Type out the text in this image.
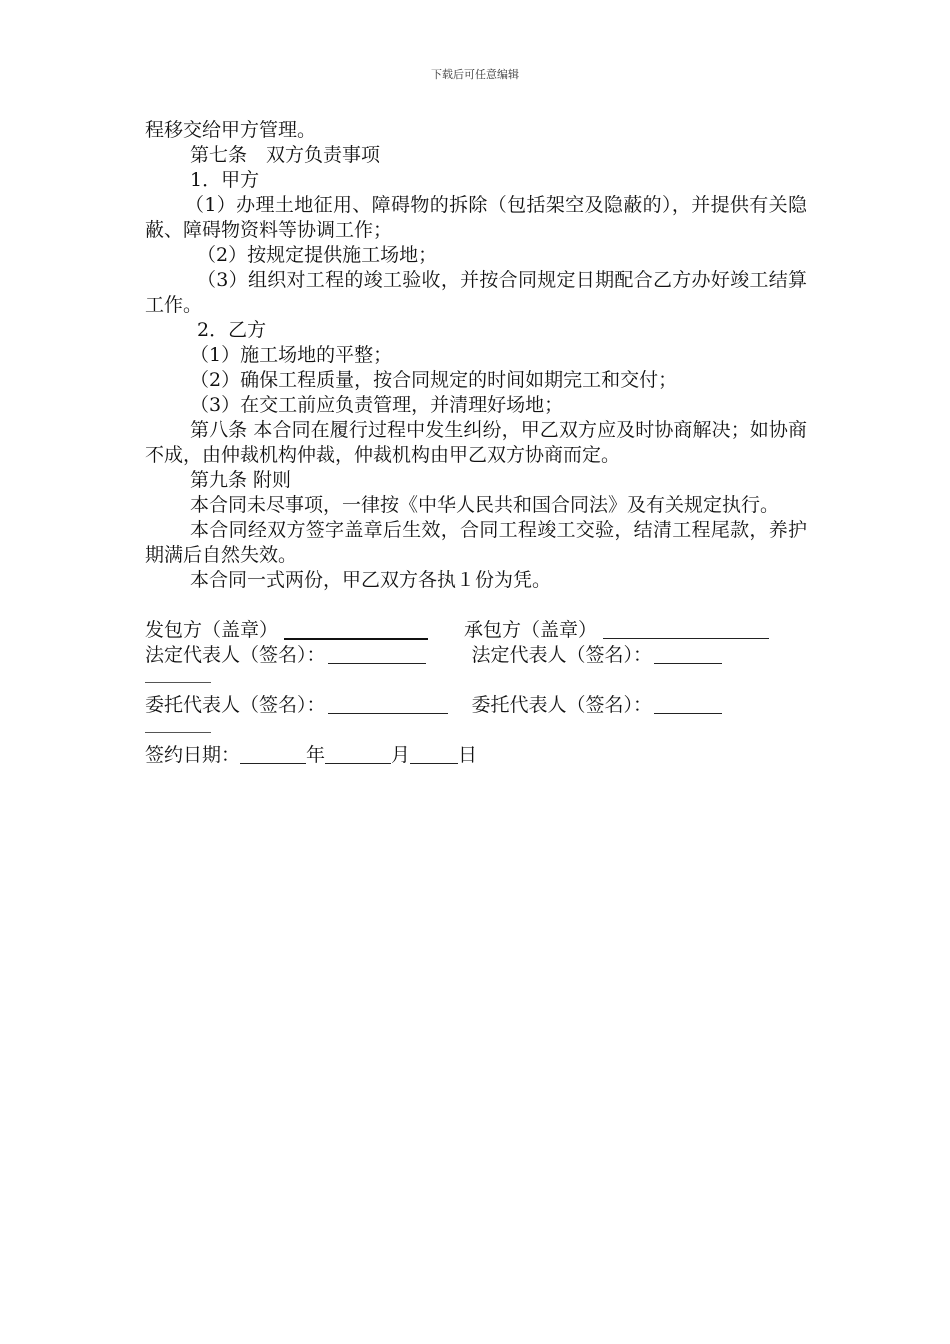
下载后可任意编辑

程移交给甲方管理。

第七条　双方负责事项

1．甲方

（1）办理土地征用、障碍物的拆除（包括架空及隐蔽的），并提供有关隐蔽、障碍物资料等协调工作；

（2）按规定提供施工场地；

（3）组织对工程的竣工验收，并按合同规定日期配合乙方办好竣工结算工作。

2．乙方

（1）施工场地的平整；

（2）确保工程质量，按合同规定的时间如期完工和交付；

（3）在交工前应负责管理，并清理好场地；

第八条 本合同在履行过程中发生纠纷，甲乙双方应及时协商解决；如协商不成，由仲裁机构仲裁，仲裁机构由甲乙双方协商而定。

第九条 附则

本合同未尽事项，一律按《中华人民共和国合同法》及有关规定执行。

本合同经双方签字盖章后生效，合同工程竣工交验，结清工程尾款，养护期满后自然失效。

本合同一式两份，甲乙双方各执１份为凭。

发包方（盖章）	承包方（盖章）
法定代表人（签名）：	法定代表人（签名）：
委托代表人（签名）：	委托代表人（签名）：
签约日期：	年	月	日
